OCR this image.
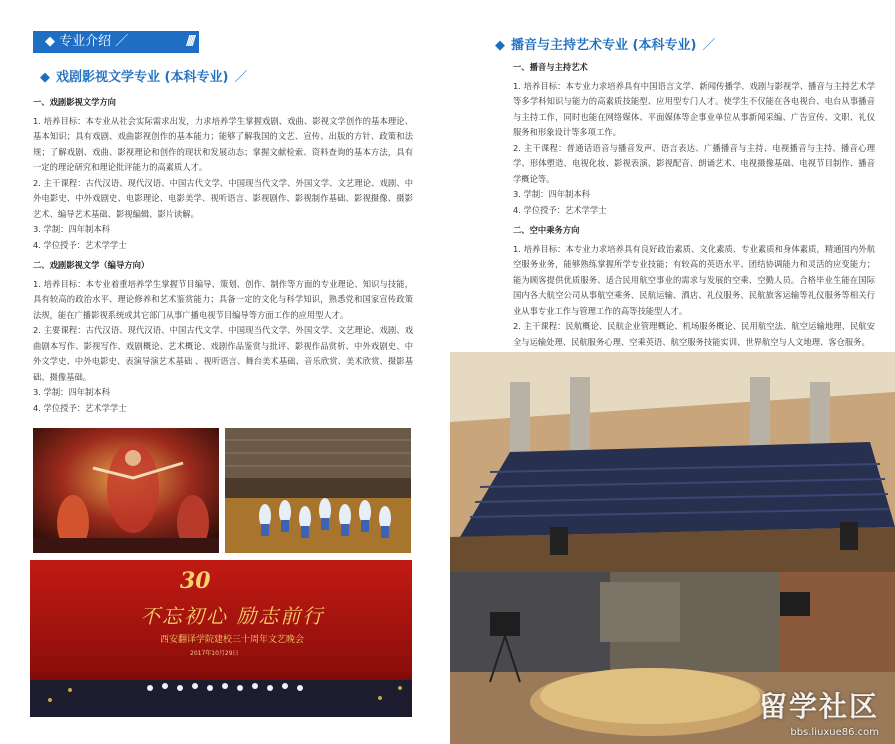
◆ 专业介绍 ／	////
◆ 戏剧影视文学专业 (本科专业) ／

一、戏剧影视文学方向

1. 培养目标：本专业从社会实际需求出发，力求培养学生掌握戏剧、戏曲、影视文学创作的基本理论、基本知识；具有戏剧、戏曲影视创作的基本能力；能够了解我国的文艺、宣传、出版的方针、政策和法规；了解戏剧、戏曲、影视理论和创作的现状和发展动态；掌握文献检索、资料查询的基本方法，具有一定的理论研究和理论批评能力的高素质人才。

2. 主干课程：古代汉语、现代汉语、中国古代文学、中国现当代文学、外国文学、文艺理论、戏剧、中外电影史、中外戏剧史、电影理论、电影美学、视听语言、影视剧作、影视制作基础、影视摄像、摄影艺术、编导艺术基础、影视编辑、影片读解。

3. 学制：四年制本科

4. 学位授予：艺术学学士

二、戏剧影视文学（编导方向）

1. 培养目标：本专业着重培养学生掌握节目编导、策划、创作、制作等方面的专业理论、知识与技能，具有较高的政治水平、理论修养和艺术鉴赏能力；具备一定的文化与科学知识，熟悉党和国家宣传政策法规，能在广播影视系统或其它部门从事广播电视节目编导等方面工作的应用型人才。

2. 主要课程：古代汉语、现代汉语、中国古代文学、中国现当代文学、外国文学、文艺理论、戏剧、戏曲剧本写作、影视写作、戏剧概论、艺术概论、戏剧作品鉴赏与批评、影视作品赏析、中外戏剧史、中外文学史、中外电影史、表演导演艺术基础 、视听语言、舞台美术基础、音乐欣赏、美术欣赏、摄影基础、摄像基础。

3. 学制：四年制本科

4. 学位授予：艺术学学士

◆ 播音与主持艺术专业 (本科专业) ／

一、播音与主持艺术

1. 培养目标：本专业力求培养具有中国语言文学、新闻传播学、戏剧与影视学、播音与主持艺术学等多学科知识与能力的高素质技能型、应用型专门人才。使学生不仅能在各电视台、电台从事播音与主持工作，同时也能在网络媒体、平面媒体等企事业单位从事新闻采编、广告宣传、文职、礼仪服务和形象设计等多项工作。

2. 主干课程：普通话语音与播音发声、语言表达、广播播音与主持、电视播音与主持、播音心理学、形体塑造、电视化妆、影视表演、影视配音、朗诵艺术、电视摄像基础、电视节目制作、播音学概论等。

3. 学制：四年制本科

4. 学位授予：艺术学学士

二、空中乘务方向

1. 培养目标：本专业力求培养具有良好政治素质、文化素质、专业素质和身体素质，精通国内外航空服务业务，能够熟练掌握所学专业技能；有较高的英语水平、团结协调能力和灵活的应变能力；能为顾客提供优质服务、适合民用航空事业的需求与发展的空乘、空勤人员。合格毕业生能在国际国内各大航空公司从事航空乘务、民航运输、酒店、礼仪服务、民航旅客运输等礼仪服务等相关行业从事专业工作与管理工作的高等技能型人才。

2. 主干课程：民航概论、民航企业管理概论、机场服务概论、民用航空法、航空运输地理、民航安全与运输处理、民航服务心理、空乘英语、航空服务技能实训、世界航空与人文地理、客仓服务。

30
不忘初心 励志前行
西安翻译学院建校三十周年文艺晚会
2017年10月29日
留学社区
bbs.liuxue86.com
